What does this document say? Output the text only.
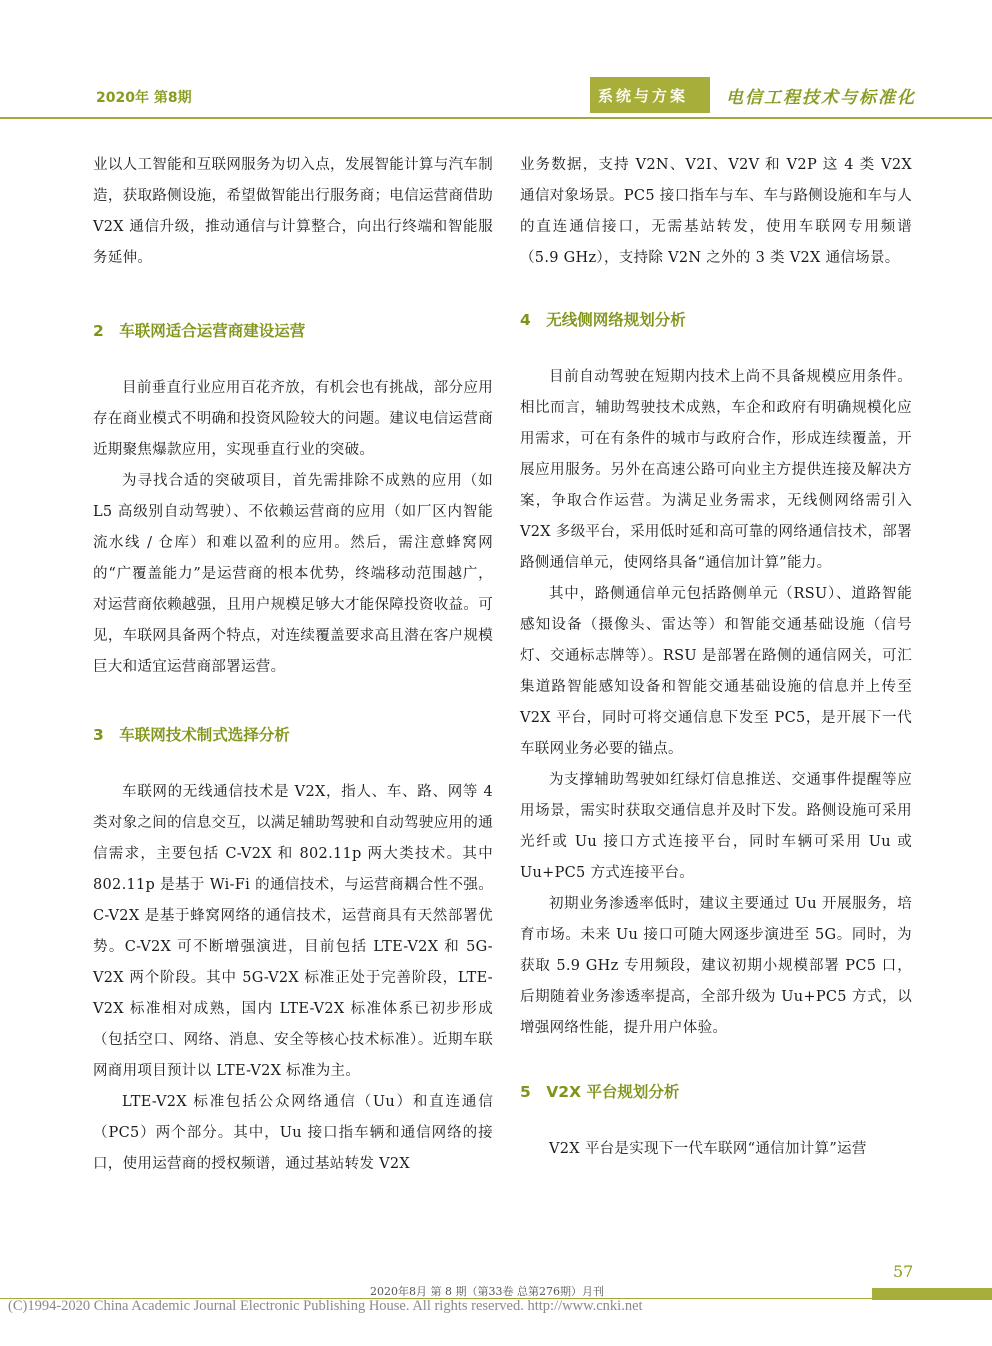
2020年 第8期	系统与方案 电信工程技术与标准化

业以人工智能和互联网服务为切入点，发展智能计算与汽车制造，获取路侧设施，希望做智能出行服务商；电信运营商借助 V2X 通信升级，推动通信与计算整合，向出行终端和智能服务延伸。

2　车联网适合运营商建设运营

目前垂直行业应用百花齐放，有机会也有挑战，部分应用存在商业模式不明确和投资风险较大的问题。建议电信运营商近期聚焦爆款应用，实现垂直行业的突破。

为寻找合适的突破项目，首先需排除不成熟的应用（如 L5 高级别自动驾驶）、不依赖运营商的应用（如厂区内智能流水线 / 仓库）和难以盈利的应用。然后，需注意蜂窝网的“广覆盖能力”是运营商的根本优势，终端移动范围越广，对运营商依赖越强，且用户规模足够大才能保障投资收益。可见，车联网具备两个特点，对连续覆盖要求高且潜在客户规模巨大和适宜运营商部署运营。

3　车联网技术制式选择分析

车联网的无线通信技术是 V2X，指人、车、路、网等 4 类对象之间的信息交互，以满足辅助驾驶和自动驾驶应用的通信需求，主要包括 C-V2X 和 802.11p 两大类技术。其中 802.11p 是基于 Wi-Fi 的通信技术，与运营商耦合性不强。C-V2X 是基于蜂窝网络的通信技术，运营商具有天然部署优势。C-V2X 可不断增强演进，目前包括 LTE-V2X 和 5G-V2X 两个阶段。其中 5G-V2X 标准正处于完善阶段，LTE-V2X 标准相对成熟，国内 LTE-V2X 标准体系已初步形成（包括空口、网络、消息、安全等核心技术标准）。近期车联网商用项目预计以 LTE-V2X 标准为主。

LTE-V2X 标准包括公众网络通信（Uu）和直连通信（PC5）两个部分。其中，Uu 接口指车辆和通信网络的接口，使用运营商的授权频谱，通过基站转发 V2X

业务数据，支持 V2N、V2I、V2V 和 V2P 这 4 类 V2X 通信对象场景。PC5 接口指车与车、车与路侧设施和车与人的直连通信接口，无需基站转发，使用车联网专用频谱（5.9 GHz），支持除 V2N 之外的 3 类 V2X 通信场景。

4　无线侧网络规划分析

目前自动驾驶在短期内技术上尚不具备规模应用条件。相比而言，辅助驾驶技术成熟，车企和政府有明确规模化应用需求，可在有条件的城市与政府合作，形成连续覆盖，开展应用服务。另外在高速公路可向业主方提供连接及解决方案，争取合作运营。为满足业务需求，无线侧网络需引入 V2X 多级平台，采用低时延和高可靠的网络通信技术，部署路侧通信单元，使网络具备“通信加计算”能力。

其中，路侧通信单元包括路侧单元（RSU）、道路智能感知设备（摄像头、雷达等）和智能交通基础设施（信号灯、交通标志牌等）。RSU 是部署在路侧的通信网关，可汇集道路智能感知设备和智能交通基础设施的信息并上传至 V2X 平台，同时可将交通信息下发至 PC5，是开展下一代车联网业务必要的锚点。

为支撑辅助驾驶如红绿灯信息推送、交通事件提醒等应用场景，需实时获取交通信息并及时下发。路侧设施可采用光纤或 Uu 接口方式连接平台，同时车辆可采用 Uu 或 Uu+PC5 方式连接平台。

初期业务渗透率低时，建议主要通过 Uu 开展服务，培育市场。未来 Uu 接口可随大网逐步演进至 5G。同时，为获取 5.9 GHz 专用频段，建议初期小规模部署 PC5 口，后期随着业务渗透率提高，全部升级为 Uu+PC5 方式，以增强网络性能，提升用户体验。

5　V2X 平台规划分析

V2X 平台是实现下一代车联网“通信加计算”运营

57
2020年8月 第 8 期（第33卷 总第276期）月刊
(C)1994-2020 China Academic Journal Electronic Publishing House. All rights reserved. http://www.cnki.net
